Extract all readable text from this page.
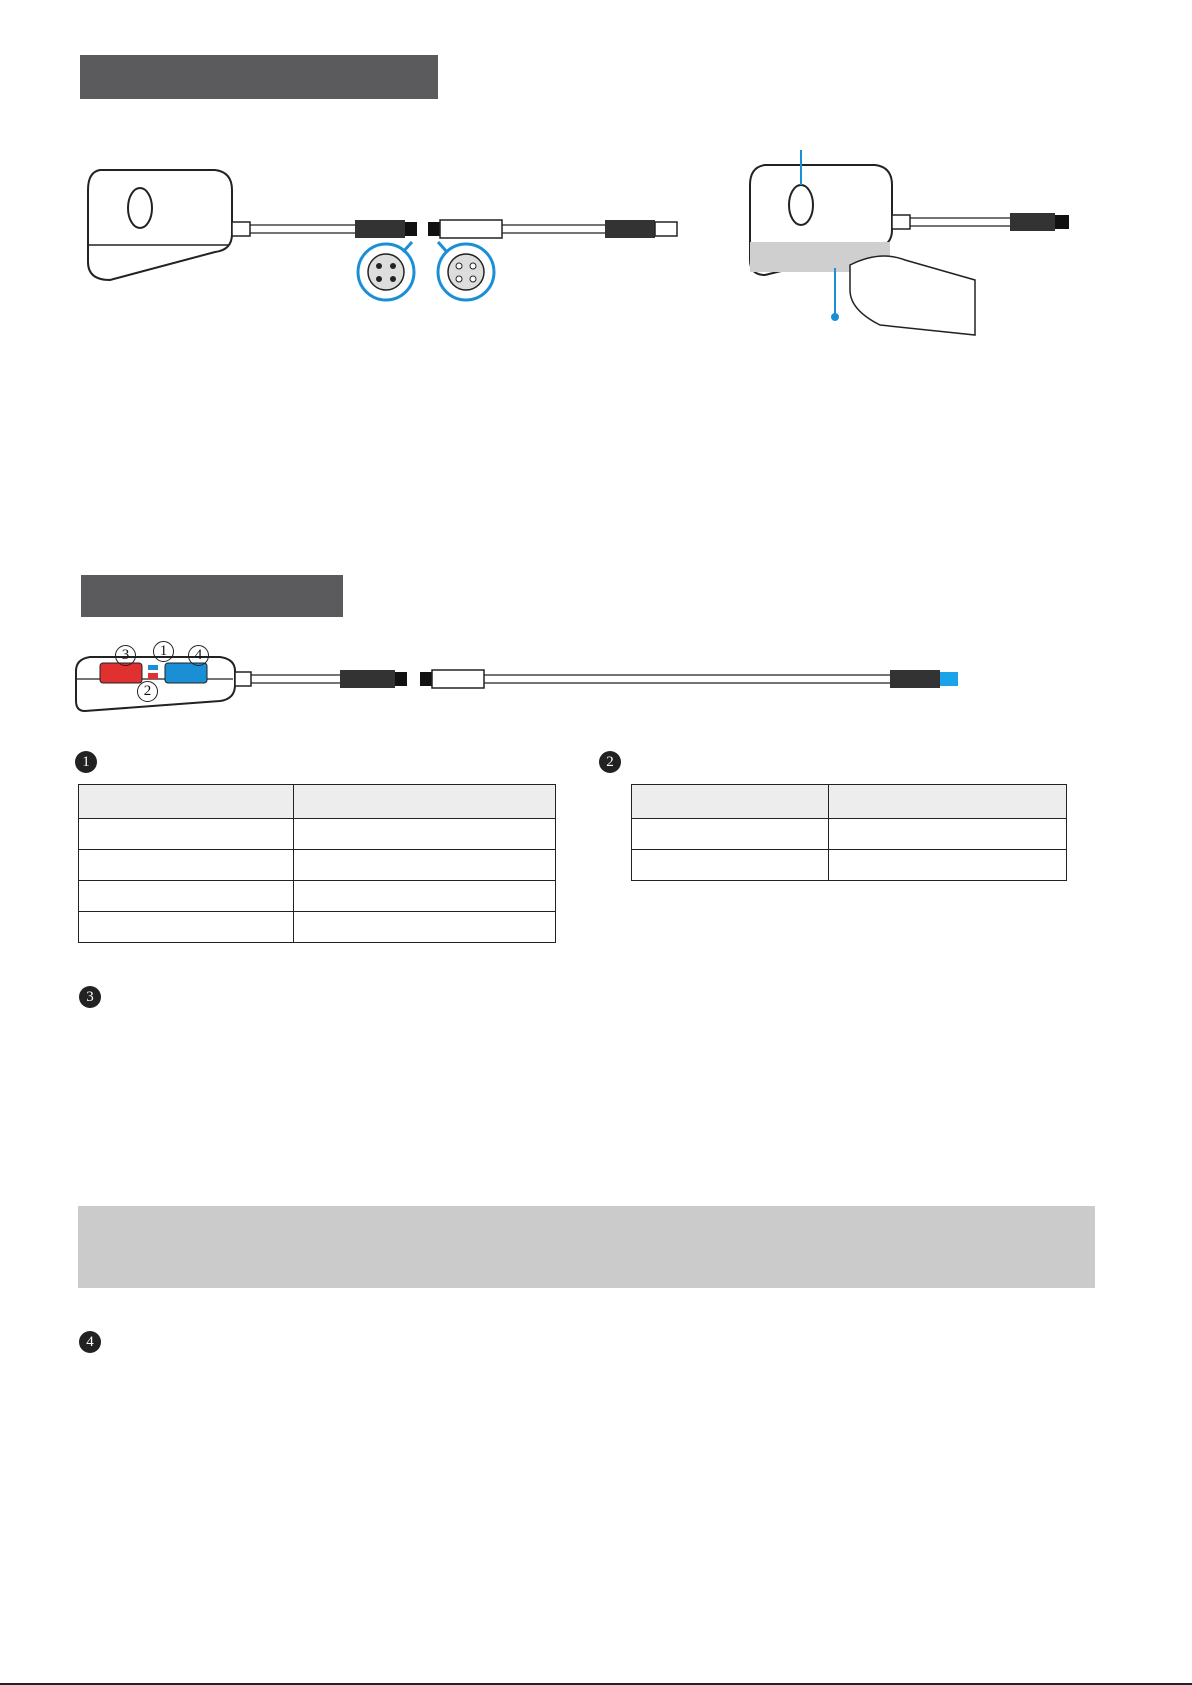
3	1	4
2
1

		2

3
4
